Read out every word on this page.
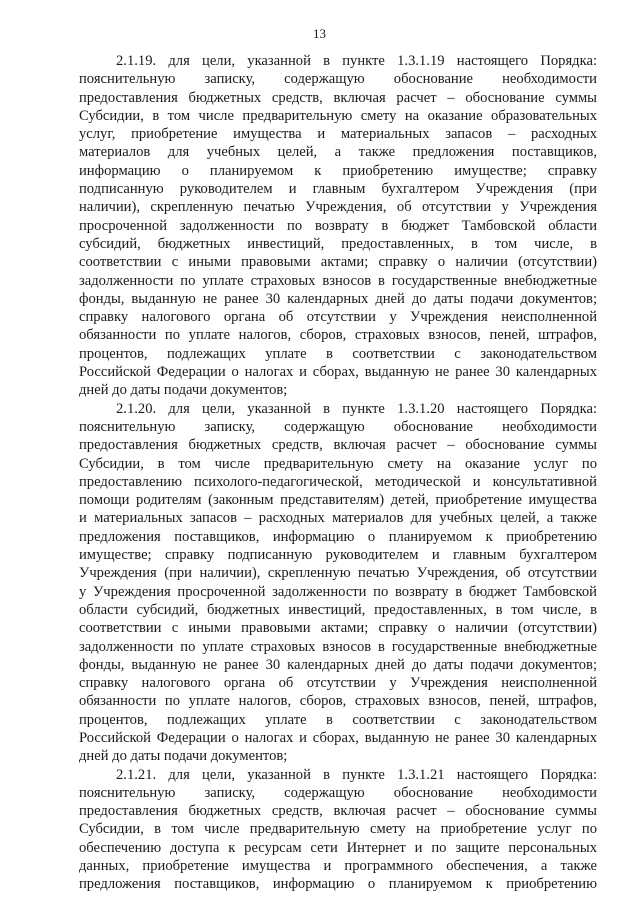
13
2.1.19. для цели, указанной в пункте 1.3.1.19 настоящего Порядка:
пояснительную записку, содержащую обоснование необходимости
предоставления бюджетных средств, включая расчет – обоснование суммы
Субсидии, в том числе предварительную смету на оказание образовательных
услуг, приобретение имущества и материальных запасов – расходных
материалов для учебных целей, а также предложения поставщиков,
информацию о планируемом к приобретению имуществе; справку
подписанную руководителем и главным бухгалтером Учреждения (при
наличии), скрепленную печатью Учреждения, об отсутствии у Учреждения
просроченной задолженности по возврату в бюджет Тамбовской области
субсидий, бюджетных инвестиций, предоставленных, в том числе, в
соответствии с иными правовыми актами; справку о наличии (отсутствии)
задолженности по уплате страховых взносов в государственные внебюджетные
фонды, выданную не ранее 30 календарных дней до даты подачи документов;
справку налогового органа об отсутствии у Учреждения неисполненной
обязанности по уплате налогов, сборов, страховых взносов, пеней, штрафов,
процентов, подлежащих уплате в соответствии с законодательством
Российской Федерации о налогах и сборах, выданную не ранее 30 календарных
дней до даты подачи документов;
2.1.20. для цели, указанной в пункте 1.3.1.20 настоящего Порядка:
пояснительную записку, содержащую обоснование необходимости
предоставления бюджетных средств, включая расчет – обоснование суммы
Субсидии, в том числе предварительную смету на оказание услуг по
предоставлению психолого-педагогической, методической и консультативной
помощи родителям (законным представителям) детей, приобретение имущества
и материальных запасов – расходных материалов для учебных целей, а также
предложения поставщиков, информацию о планируемом к приобретению
имуществе; справку подписанную руководителем и главным бухгалтером
Учреждения (при наличии), скрепленную печатью Учреждения, об отсутствии
у Учреждения просроченной задолженности по возврату в бюджет Тамбовской
области субсидий, бюджетных инвестиций, предоставленных, в том числе, в
соответствии с иными правовыми актами; справку о наличии (отсутствии)
задолженности по уплате страховых взносов в государственные внебюджетные
фонды, выданную не ранее 30 календарных дней до даты подачи документов;
справку налогового органа об отсутствии у Учреждения неисполненной
обязанности по уплате налогов, сборов, страховых взносов, пеней, штрафов,
процентов, подлежащих уплате в соответствии с законодательством
Российской Федерации о налогах и сборах, выданную не ранее 30 календарных
дней до даты подачи документов;
2.1.21. для цели, указанной в пункте 1.3.1.21 настоящего Порядка:
пояснительную записку, содержащую обоснование необходимости
предоставления бюджетных средств, включая расчет – обоснование суммы
Субсидии, в том числе предварительную смету на приобретение услуг по
обеспечению доступа к ресурсам сети Интернет и по защите персональных
данных, приобретение имущества и программного обеспечения, а также
предложения поставщиков, информацию о планируемом к приобретению
